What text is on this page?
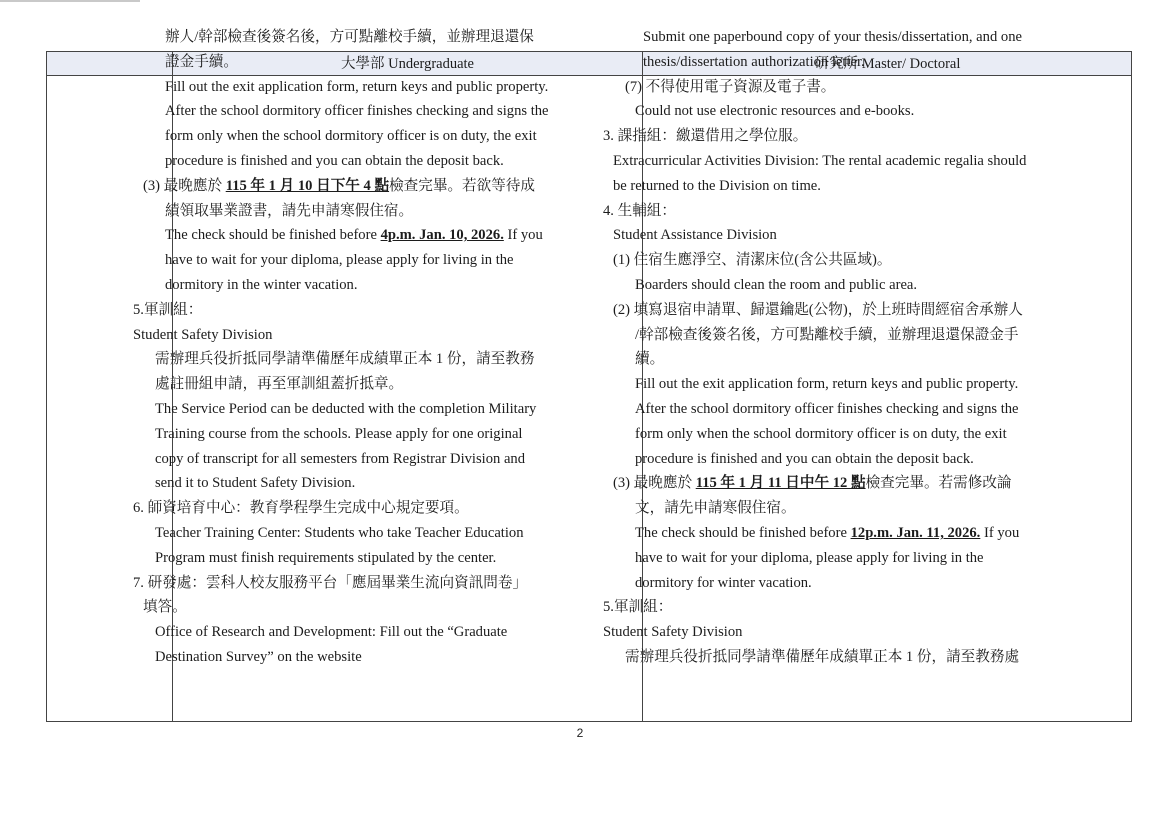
大學部 Undergraduate	研究所 Master/ Doctoral
辦人/幹部檢查後簽名後，方可點離校手續，並辦理退還保
證金手續。
Fill out the exit application form, return keys and public property.
After the school dormitory officer finishes checking and signs the
form only when the school dormitory officer is on duty, the exit
procedure is finished and you can obtain the deposit back.
(3) 最晚應於 115 年 1 月 10 日下午 4 點檢查完畢。若欲等待成
績領取畢業證書，請先申請寒假住宿。
The check should be finished before 4p.m. Jan. 10, 2026. If you
have to wait for your diploma, please apply for living in the
dormitory in the winter vacation.
5.軍訓組：
Student Safety Division
需辦理兵役折抵同學請準備歷年成績單正本 1 份，請至教務
處註冊組申請，再至軍訓組蓋折抵章。
The Service Period can be deducted with the completion Military
Training course from the schools. Please apply for one original
copy of transcript for all semesters from Registrar Division and
send it to Student Safety Division.
6. 師資培育中心：教育學程學生完成中心規定要項。
Teacher Training Center: Students who take Teacher Education
Program must finish requirements stipulated by the center.
7. 研發處：雲科人校友服務平台「應屆畢業生流向資訊問卷」
填答。
Office of Research and Development: Fill out the “Graduate
Destination Survey” on the website
Submit one paperbound copy of your thesis/dissertation, and one
thesis/dissertation authorization letter.
(7) 不得使用電子資源及電子書。
Could not use electronic resources and e-books.
3. 課指組：繳還借用之學位服。
Extracurricular Activities Division: The rental academic regalia should
be returned to the Division on time.
4. 生輔組：
Student Assistance Division
(1) 住宿生應淨空、清潔床位(含公共區域)。
Boarders should clean the room and public area.
(2) 填寫退宿申請單、歸還鑰匙(公物)，於上班時間經宿舍承辦人
/幹部檢查後簽名後，方可點離校手續，並辦理退還保證金手
續。
Fill out the exit application form, return keys and public property.
After the school dormitory officer finishes checking and signs the
form only when the school dormitory officer is on duty, the exit
procedure is finished and you can obtain the deposit back.
(3) 最晚應於 115 年 1 月 11 日中午 12 點檢查完畢。若需修改論
文，請先申請寒假住宿。
The check should be finished before 12p.m. Jan. 11, 2026. If you
have to wait for your diploma, please apply for living in the
dormitory for winter vacation.
5.軍訓組：
Student Safety Division
需辦理兵役折抵同學請準備歷年成績單正本 1 份，請至教務處
2
